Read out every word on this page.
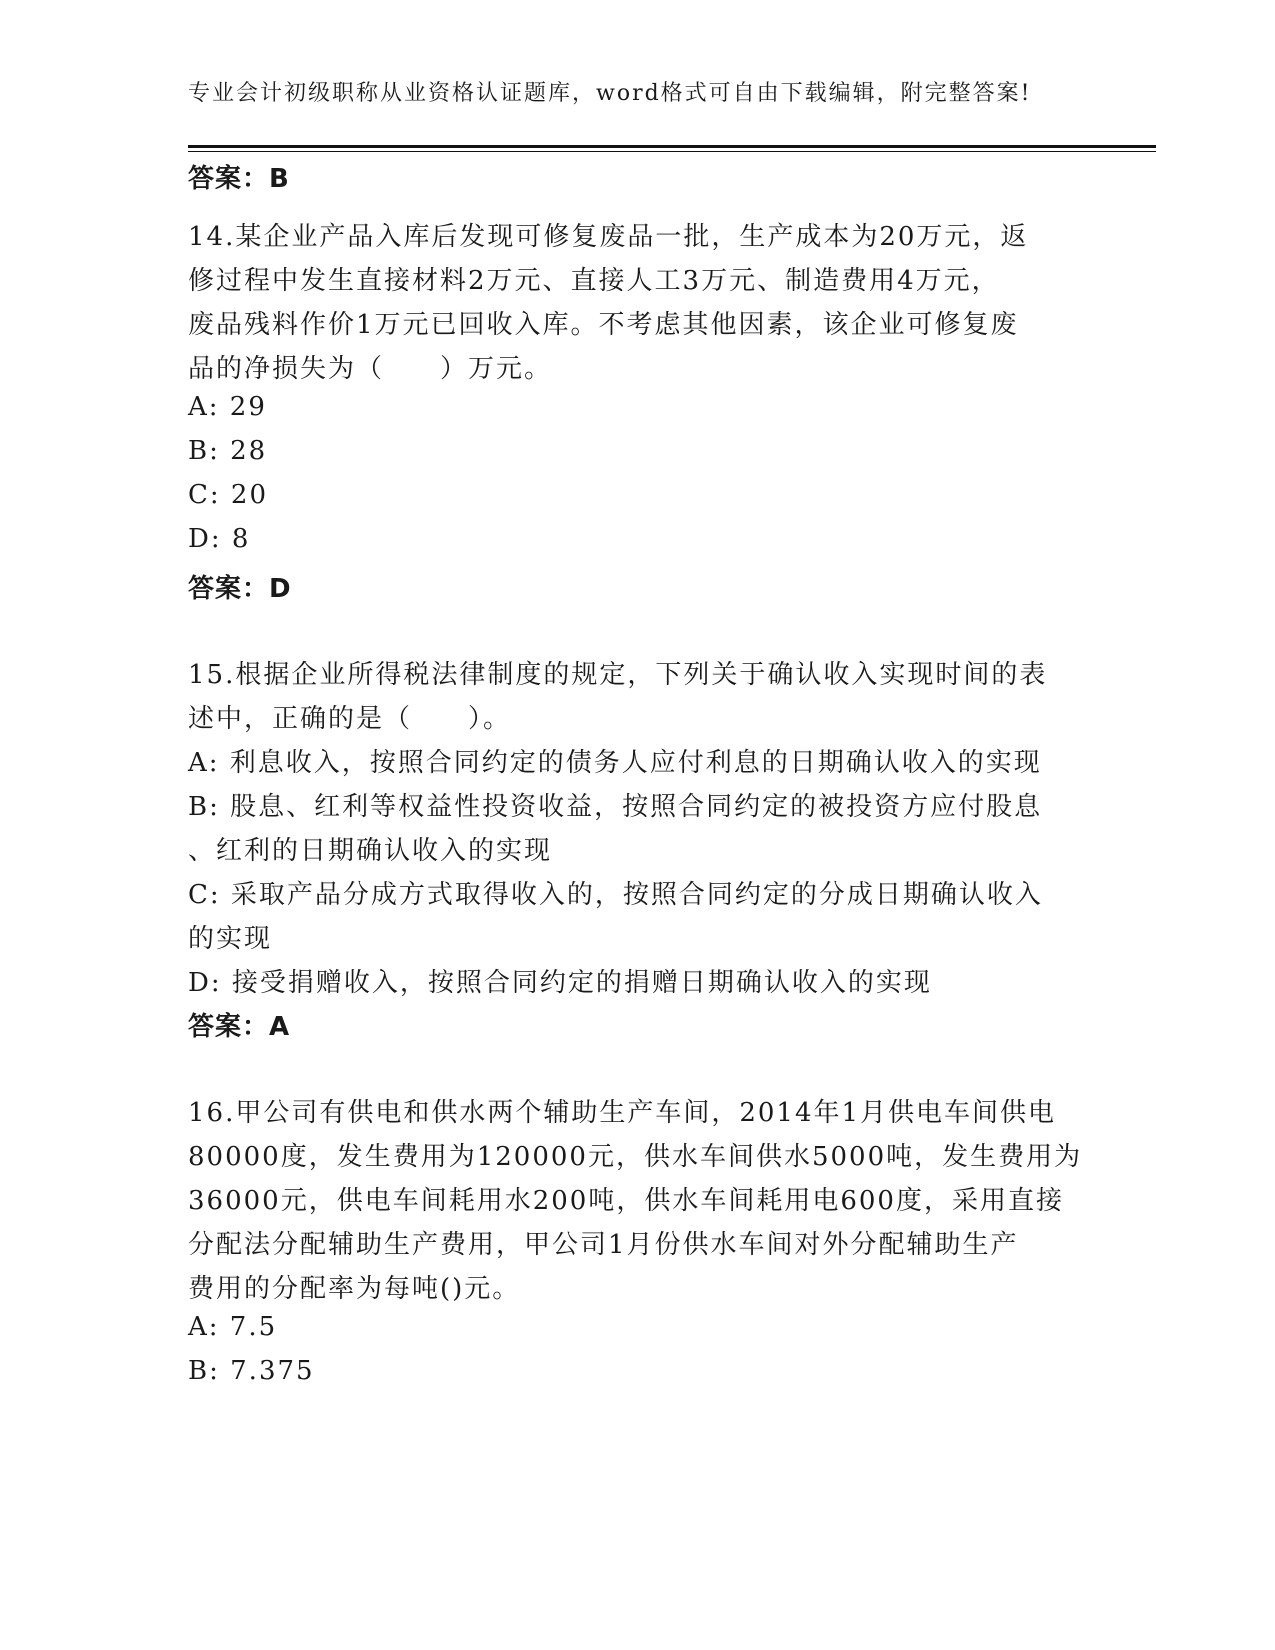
专业会计初级职称从业资格认证题库，word格式可自由下载编辑，附完整答案!
答案：B
14.某企业产品入库后发现可修复废品一批，生产成本为20万元，返
修过程中发生直接材料2万元、直接人工3万元、制造费用4万元，
废品残料作价1万元已回收入库。不考虑其他因素，该企业可修复废
品的净损失为（　　）万元。
A: 29
B: 28
C: 20
D: 8
答案：D
15.根据企业所得税法律制度的规定，下列关于确认收入实现时间的表
述中，正确的是（　　）。
A: 利息收入，按照合同约定的债务人应付利息的日期确认收入的实现
B: 股息、红利等权益性投资收益，按照合同约定的被投资方应付股息
、红利的日期确认收入的实现
C: 采取产品分成方式取得收入的，按照合同约定的分成日期确认收入
的实现
D: 接受捐赠收入，按照合同约定的捐赠日期确认收入的实现
答案：A
16.甲公司有供电和供水两个辅助生产车间，2014年1月供电车间供电
80000度，发生费用为120000元，供水车间供水5000吨，发生费用为
36000元，供电车间耗用水200吨，供水车间耗用电600度，采用直接
分配法分配辅助生产费用，甲公司1月份供水车间对外分配辅助生产
费用的分配率为每吨()元。
A: 7.5
B: 7.375
